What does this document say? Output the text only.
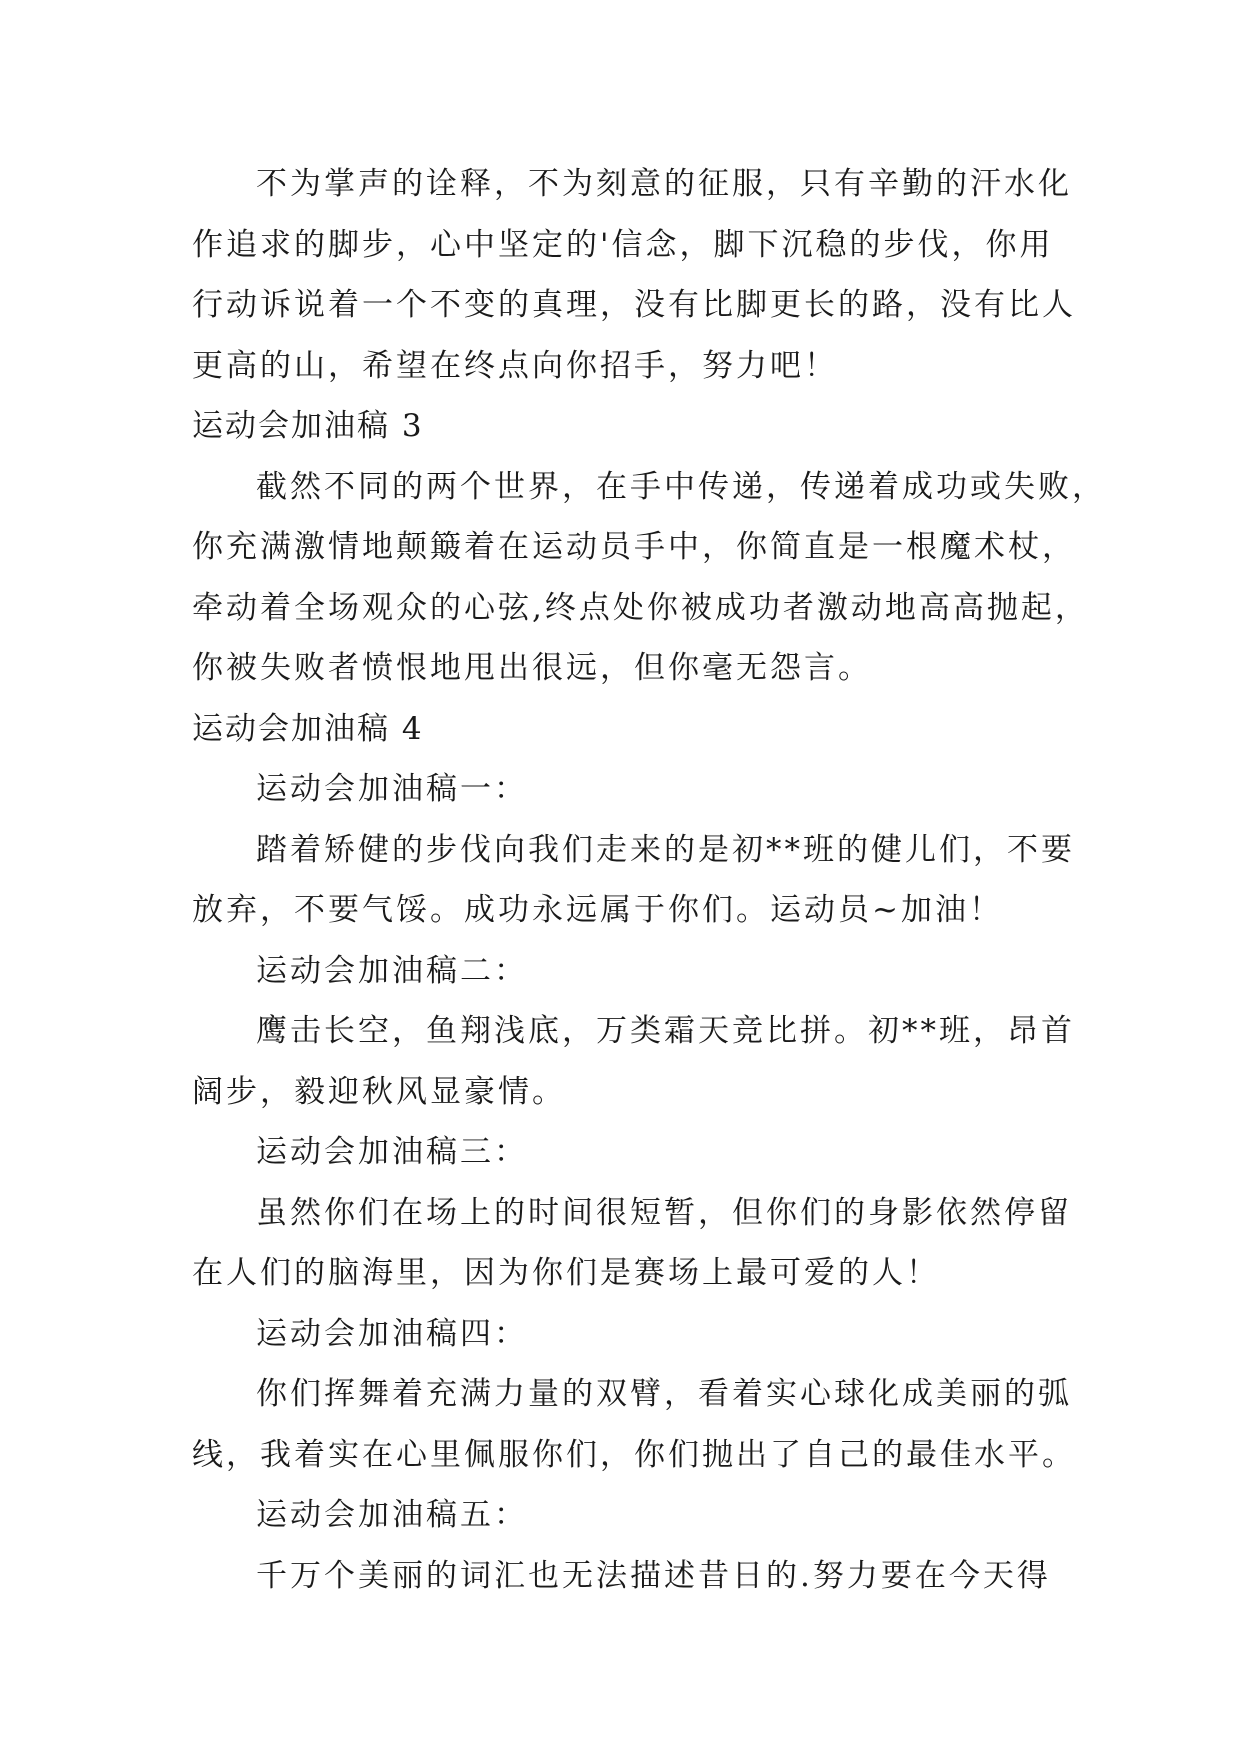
不为掌声的诠释，不为刻意的征服，只有辛勤的汗水化
作追求的脚步，心中坚定的'信念，脚下沉稳的步伐，你用
行动诉说着一个不变的真理，没有比脚更长的路，没有比人
更高的山，希望在终点向你招手，努力吧！
运动会加油稿 3
截然不同的两个世界，在手中传递，传递着成功或失败，
你充满激情地颠簸着在运动员手中，你简直是一根魔术杖，
牵动着全场观众的心弦,终点处你被成功者激动地高高抛起，
你被失败者愤恨地甩出很远，但你毫无怨言。
运动会加油稿 4
运动会加油稿一：
踏着矫健的步伐向我们走来的是初**班的健儿们，不要
放弃，不要气馁。成功永远属于你们。运动员~加油！
运动会加油稿二：
鹰击长空，鱼翔浅底，万类霜天竞比拼。初**班，昂首
阔步，毅迎秋风显豪情。
运动会加油稿三：
虽然你们在场上的时间很短暂，但你们的身影依然停留
在人们的脑海里，因为你们是赛场上最可爱的人！
运动会加油稿四：
你们挥舞着充满力量的双臂，看着实心球化成美丽的弧
线，我着实在心里佩服你们，你们抛出了自己的最佳水平。
运动会加油稿五：
千万个美丽的词汇也无法描述昔日的.努力要在今天得
